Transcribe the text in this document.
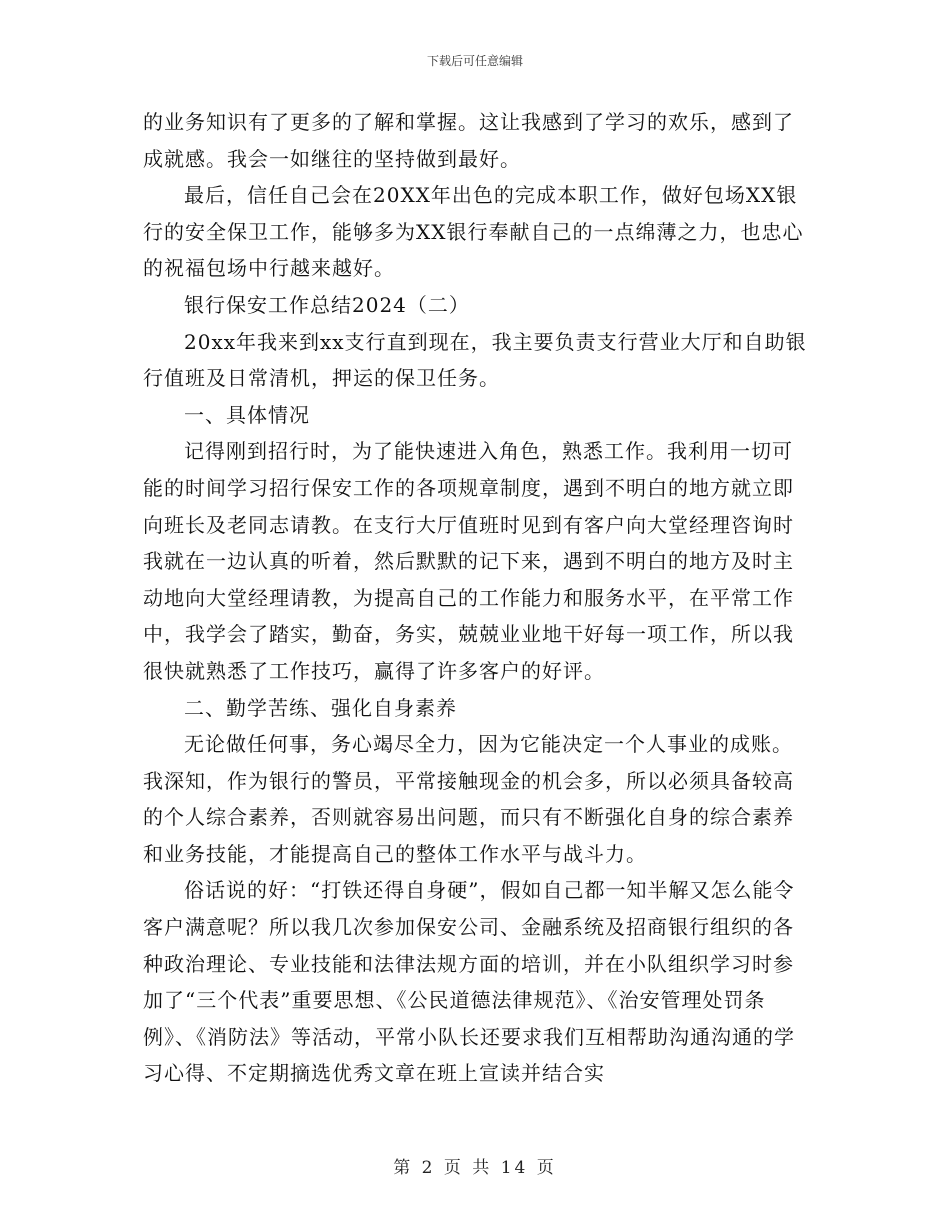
下载后可任意编辑

的业务知识有了更多的了解和掌握。这让我感到了学习的欢乐，感到了成就感。我会一如继往的坚持做到最好。

最后，信任自己会在20XX年出色的完成本职工作，做好包场XX银行的安全保卫工作，能够多为XX银行奉献自己的一点绵薄之力，也忠心的祝福包场中行越来越好。

银行保安工作总结2024（二）

20xx年我来到xx支行直到现在，我主要负责支行营业大厅和自助银行值班及日常清机，押运的保卫任务。

一、具体情况

记得刚到招行时，为了能快速进入角色，熟悉工作。我利用一切可能的时间学习招行保安工作的各项规章制度，遇到不明白的地方就立即向班长及老同志请教。在支行大厅值班时见到有客户向大堂经理咨询时我就在一边认真的听着，然后默默的记下来，遇到不明白的地方及时主动地向大堂经理请教，为提高自己的工作能力和服务水平，在平常工作中，我学会了踏实，勤奋，务实，兢兢业业地干好每一项工作，所以我很快就熟悉了工作技巧，赢得了许多客户的好评。

二、勤学苦练、强化自身素养

无论做任何事，务心竭尽全力，因为它能决定一个人事业的成账。我深知，作为银行的警员，平常接触现金的机会多，所以必须具备较高的个人综合素养，否则就容易出问题，而只有不断强化自身的综合素养和业务技能，才能提高自己的整体工作水平与战斗力。

俗话说的好：“打铁还得自身硬”，假如自己都一知半解又怎么能令客户满意呢？所以我几次参加保安公司、金融系统及招商银行组织的各种政治理论、专业技能和法律法规方面的培训，并在小队组织学习时参加了“三个代表”重要思想、《公民道德法律规范》、《治安管理处罚条例》、《消防法》等活动，平常小队长还要求我们互相帮助沟通沟通的学习心得、不定期摘选优秀文章在班上宣读并结合实

第 2 页 共 14 页
